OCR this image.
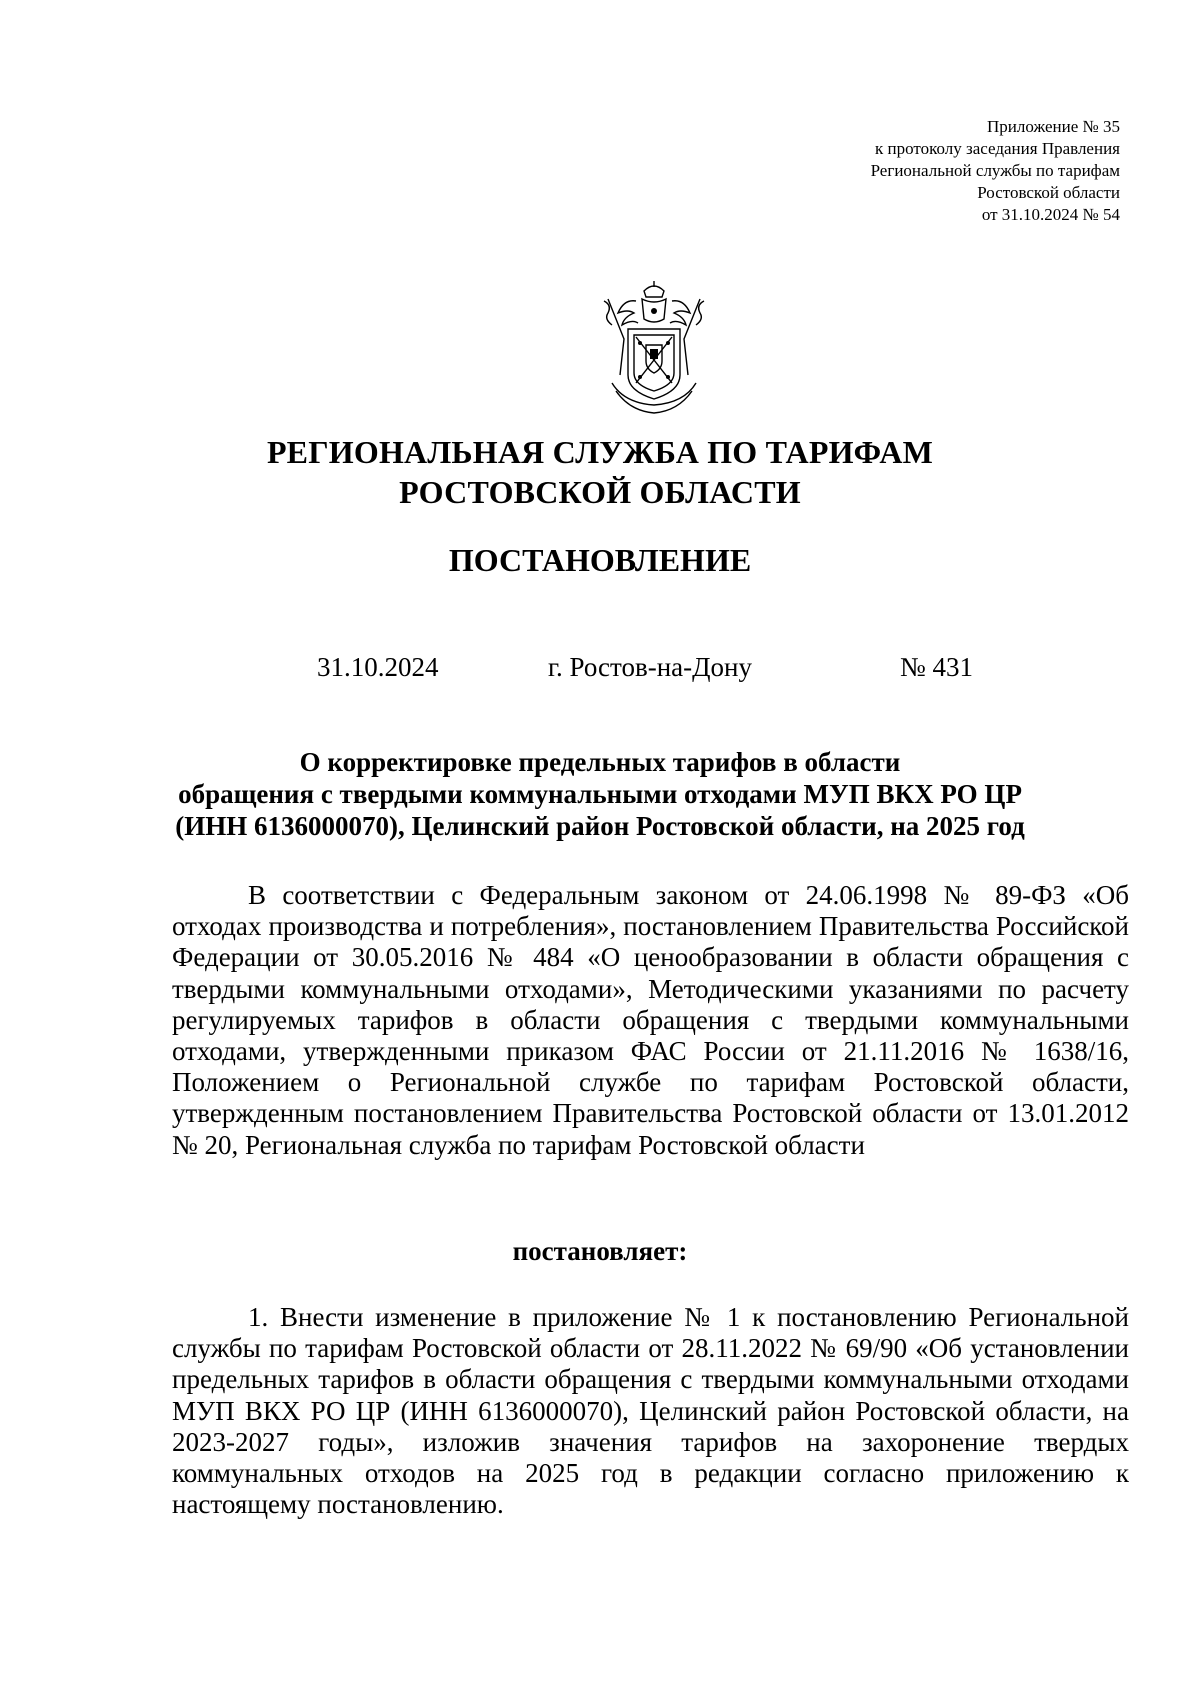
Приложение № 35
к протоколу заседания Правления
Региональной службы по тарифам
Ростовской области
от 31.10.2024 № 54
РЕГИОНАЛЬНАЯ СЛУЖБА ПО ТАРИФАМ
РОСТОВСКОЙ ОБЛАСТИ
ПОСТАНОВЛЕНИЕ
31.10.2024	г. Ростов-на-Дону	№ 431
О корректировке предельных тарифов в области
обращения с твердыми коммунальными отходами МУП ВКХ РО ЦР
(ИНН 6136000070), Целинский район Ростовской области, на 2025 год

В соответствии с Федеральным законом от 24.06.1998 № 89-ФЗ «Об отходах производства и потребления», постановлением Правительства Российской Федерации от 30.05.2016 № 484 «О ценообразовании в области обращения с твердыми коммунальными отходами», Методическими указаниями по расчету регулируемых тарифов в области обращения с твердыми коммунальными отходами, утвержденными приказом ФАС России от 21.11.2016 № 1638/16, Положением о Региональной службе по тарифам Ростовской области, утвержденным постановлением Правительства Ростовской области от 13.01.2012 № 20, Региональная служба по тарифам Ростовской области

постановляет:

1. Внести изменение в приложение № 1 к постановлению Региональной службы по тарифам Ростовской области от 28.11.2022 № 69/90 «Об установлении предельных тарифов в области обращения с твердыми коммунальными отходами МУП ВКХ РО ЦР (ИНН 6136000070), Целинский район Ростовской области, на 2023-2027 годы», изложив значения тарифов на захоронение твердых коммунальных отходов на 2025 год в редакции согласно приложению к настоящему постановлению.
